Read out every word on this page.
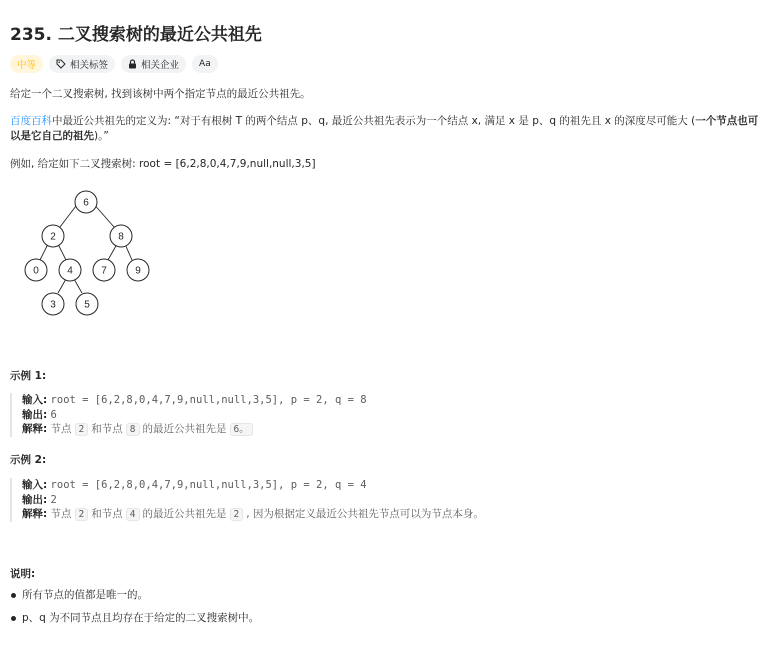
235. 二叉搜索树的最近公共祖先
中等	相关标签	相关企业 Aa
给定一个二叉搜索树, 找到该树中两个指定节点的最近公共祖先。
百度百科中最近公共祖先的定义为: “对于有根树 T 的两个结点 p、q, 最近公共祖先表示为一个结点 x, 满足 x 是 p、q 的祖先且 x 的深度尽可能大 (一个节点也可
以是它自己的祖先)。”
例如, 给定如下二叉搜索树: root = [6,2,8,0,4,7,9,null,null,3,5]
6
2	8
0	4	7	9
3	5
示例 1:
输入: root = [6,2,8,0,4,7,9,null,null,3,5], p = 2, q = 8
输出: 6
解释: 节点 2 和节点 8 的最近公共祖先是 6。
示例 2:
输入: root = [6,2,8,0,4,7,9,null,null,3,5], p = 2, q = 4
输出: 2
解释: 节点 2 和节点 4 的最近公共祖先是 2 , 因为根据定义最近公共祖先节点可以为节点本身。
说明:
所有节点的值都是唯一的。
p、q 为不同节点且均存在于给定的二叉搜索树中。
